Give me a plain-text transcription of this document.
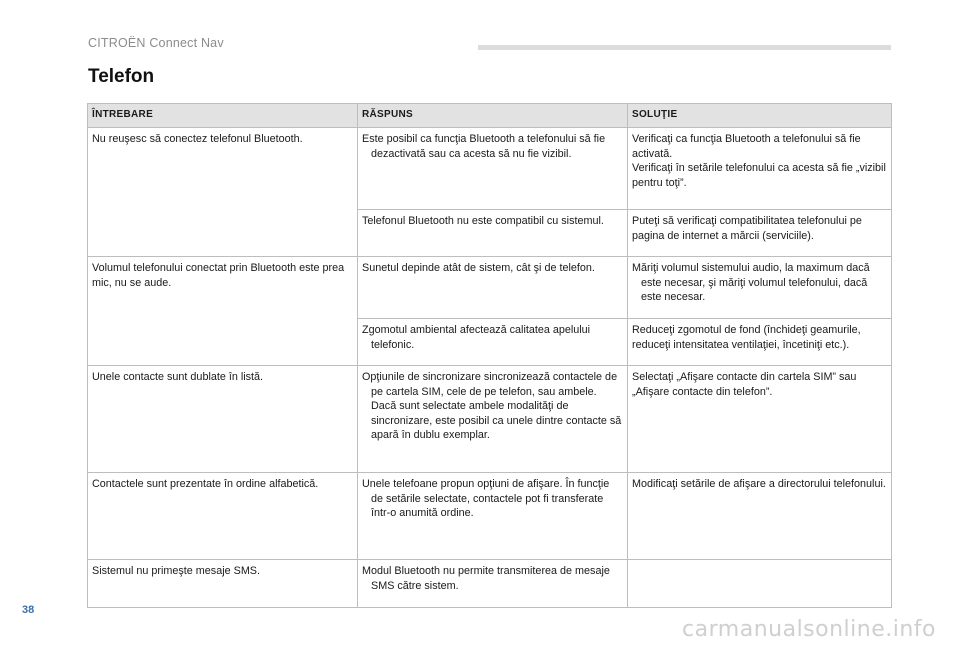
CITROËN Connect Nav
Telefon
ÎNTREBARE	RĂSPUNS	SOLUŢIE
Nu reuşesc să conectez telefonul Bluetooth.	Este posibil ca funcţia Bluetooth a telefonului să fie dezactivată sau ca acesta să nu fie vizibil.	Verificaţi ca funcţia Bluetooth a telefonului să fie activată.
Verificaţi în setările telefonului ca acesta să fie „vizibil pentru toţi”.

	Telefonul Bluetooth nu este compatibil cu sistemul.	Puteţi să verificaţi compatibilitatea telefonului pe pagina de internet a mărcii (serviciile).

Volumul telefonului conectat prin Bluetooth este prea mic, nu se aude.	Sunetul depinde atât de sistem, cât şi de telefon.	Măriţi volumul sistemului audio, la maximum dacă este necesar, şi măriţi volumul telefonului, dacă este necesar.

	Zgomotul ambiental afectează calitatea apelului telefonic.	Reduceţi zgomotul de fond (închideţi geamurile, reduceţi intensitatea ventilaţiei, încetiniţi etc.).

Unele contacte sunt dublate în listă.	Opţiunile de sincronizare sincronizează contactele de pe cartela SIM, cele de pe telefon, sau ambele. Dacă sunt selectate ambele modalităţi de sincronizare, este posibil ca unele dintre contacte să apară în dublu exemplar.	Selectaţi „Afişare contacte din cartela SIM” sau „Afişare contacte din telefon”.

Contactele sunt prezentate în ordine alfabetică.	Unele telefoane propun opţiuni de afişare. În funcţie de setările selectate, contactele pot fi transferate într-o anumită ordine.	Modificaţi setările de afişare a directorului telefonului.

Sistemul nu primeşte mesaje SMS.	Modul Bluetooth nu permite transmiterea de mesaje SMS către sistem.	

38
carmanualsonline.info
